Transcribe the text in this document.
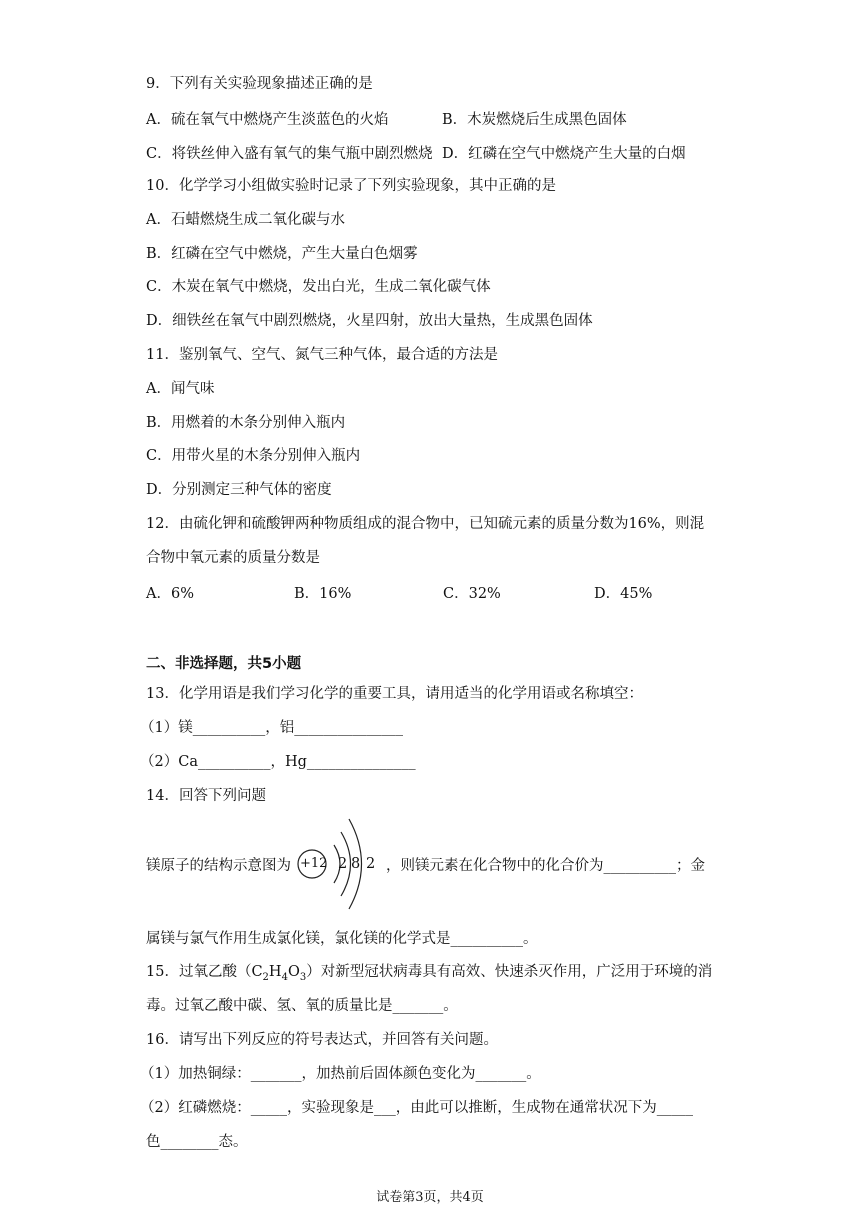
9．下列有关实验现象描述正确的是
A．硫在氧气中燃烧产生淡蓝色的火焰	B．木炭燃烧后生成黑色固体
C．将铁丝伸入盛有氧气的集气瓶中剧烈燃烧 D．红磷在空气中燃烧产生大量的白烟
10．化学学习小组做实验时记录了下列实验现象，其中正确的是
A．石蜡燃烧生成二氧化碳与水
B．红磷在空气中燃烧，产生大量白色烟雾
C．木炭在氧气中燃烧，发出白光，生成二氧化碳气体
D．细铁丝在氧气中剧烈燃烧，火星四射，放出大量热，生成黑色固体
11．鉴别氧气、空气、氮气三种气体，最合适的方法是
A．闻气味
B．用燃着的木条分别伸入瓶内
C．用带火星的木条分别伸入瓶内
D．分别测定三种气体的密度
12．由硫化钾和硫酸钾两种物质组成的混合物中，已知硫元素的质量分数为16%，则混
合物中氧元素的质量分数是
A．6%	B．16%	C．32%	D．45%
二、非选择题，共5小题
13．化学用语是我们学习化学的重要工具，请用适当的化学用语或名称填空：
（1）镁__________，铝_______________
（2）Ca__________，Hg_______________
14．回答下列问题
镁原子的结构示意图为 +12 2 8 2 ，则镁元素在化合物中的化合价为__________；金
属镁与氯气作用生成氯化镁，氯化镁的化学式是__________。
15．过氧乙酸$(C_2H_4O_3)$对新型冠状病毒具有高效、快速杀灭作用，广泛用于环境的消
毒。过氧乙酸中碳、氢、氧的质量比是_______。
16．请写出下列反应的符号表达式，并回答有关问题。
（1）加热铜绿：_______，加热前后固体颜色变化为_______。
（2）红磷燃烧：_____，实验现象是___，由此可以推断，生成物在通常状况下为_____
色________态。
试卷第3页，共4页
